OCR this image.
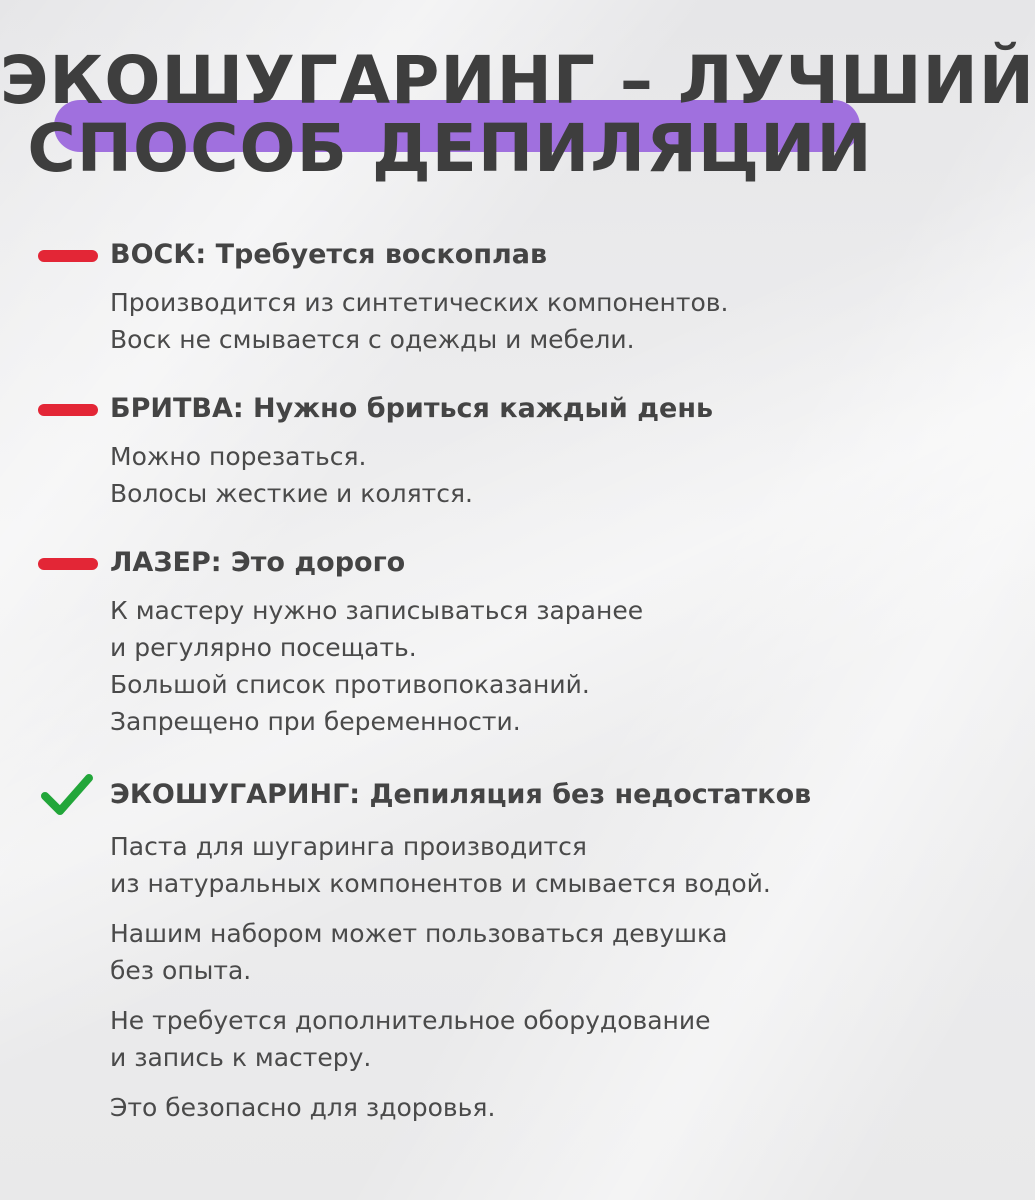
ЭКОШУГАРИНГ – ЛУЧШИЙ
СПОСОБ ДЕПИЛЯЦИИ
ВОСК: Требуется воскоплав
Производится из синтетических компонентов.
Воск не смывается с одежды и мебели.
БРИТВА: Нужно бриться каждый день
Можно порезаться.
Волосы жесткие и колятся.
ЛАЗЕР: Это дорого
К мастеру нужно записываться заранее
и регулярно посещать.
Большой список противопоказаний.
Запрещено при беременности.
ЭКОШУГАРИНГ: Депиляция без недостатков
Паста для шугаринга производится
из натуральных компонентов и смывается водой.
Нашим набором может пользоваться девушка
без опыта.
Не требуется дополнительное оборудование
и запись к мастеру.
Это безопасно для здоровья.
